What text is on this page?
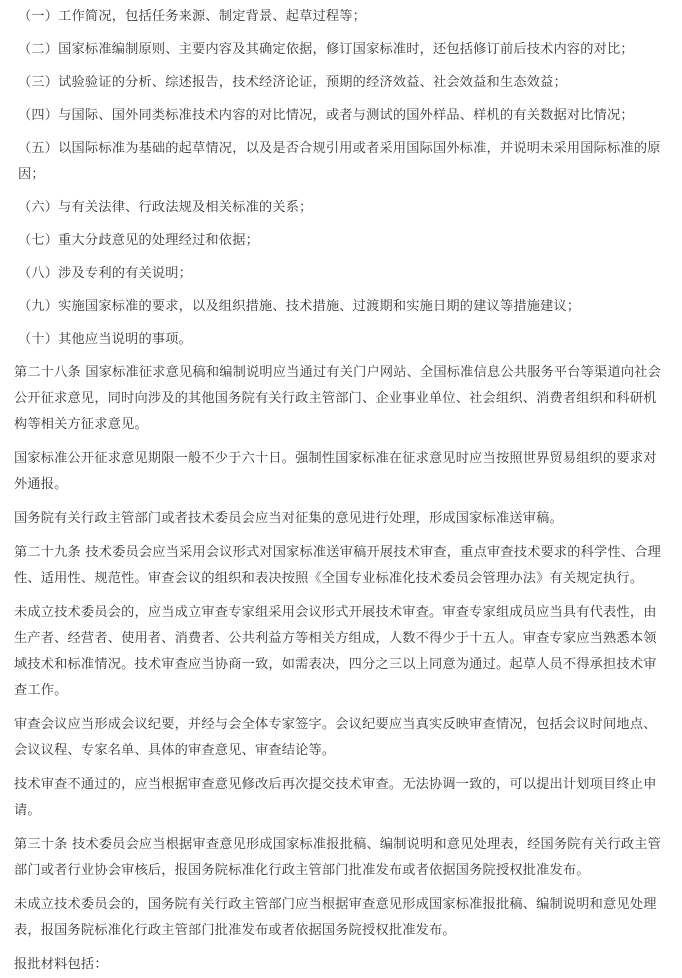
（一）工作简况，包括任务来源、制定背景、起草过程等；

（二）国家标准编制原则、主要内容及其确定依据，修订国家标准时，还包括修订前后技术内容的对比；

（三）试验验证的分析、综述报告，技术经济论证，预期的经济效益、社会效益和生态效益；

（四）与国际、国外同类标准技术内容的对比情况，或者与测试的国外样品、样机的有关数据对比情况；

（五）以国际标准为基础的起草情况，以及是否合规引用或者采用国际国外标准，并说明未采用国际标准的原因；

（六）与有关法律、行政法规及相关标准的关系；

（七）重大分歧意见的处理经过和依据；

（八）涉及专利的有关说明；

（九）实施国家标准的要求，以及组织措施、技术措施、过渡期和实施日期的建议等措施建议；

（十）其他应当说明的事项。

第二十八条 国家标准征求意见稿和编制说明应当通过有关门户网站、全国标准信息公共服务平台等渠道向社会公开征求意见，同时向涉及的其他国务院有关行政主管部门、企业事业单位、社会组织、消费者组织和科研机构等相关方征求意见。

国家标准公开征求意见期限一般不少于六十日。强制性国家标准在征求意见时应当按照世界贸易组织的要求对外通报。

国务院有关行政主管部门或者技术委员会应当对征集的意见进行处理，形成国家标准送审稿。

第二十九条 技术委员会应当采用会议形式对国家标准送审稿开展技术审查，重点审查技术要求的科学性、合理性、适用性、规范性。审查会议的组织和表决按照《全国专业标准化技术委员会管理办法》有关规定执行。

未成立技术委员会的，应当成立审查专家组采用会议形式开展技术审查。审查专家组成员应当具有代表性，由生产者、经营者、使用者、消费者、公共利益方等相关方组成，人数不得少于十五人。审查专家应当熟悉本领域技术和标准情况。技术审查应当协商一致，如需表决，四分之三以上同意为通过。起草人员不得承担技术审查工作。

审查会议应当形成会议纪要，并经与会全体专家签字。会议纪要应当真实反映审查情况，包括会议时间地点、会议议程、专家名单、具体的审查意见、审查结论等。

技术审查不通过的，应当根据审查意见修改后再次提交技术审查。无法协调一致的，可以提出计划项目终止申请。

第三十条 技术委员会应当根据审查意见形成国家标准报批稿、编制说明和意见处理表，经国务院有关行政主管部门或者行业协会审核后，报国务院标准化行政主管部门批准发布或者依据国务院授权批准发布。

未成立技术委员会的，国务院有关行政主管部门应当根据审查意见形成国家标准报批稿、编制说明和意见处理表，报国务院标准化行政主管部门批准发布或者依据国务院授权批准发布。

报批材料包括：
